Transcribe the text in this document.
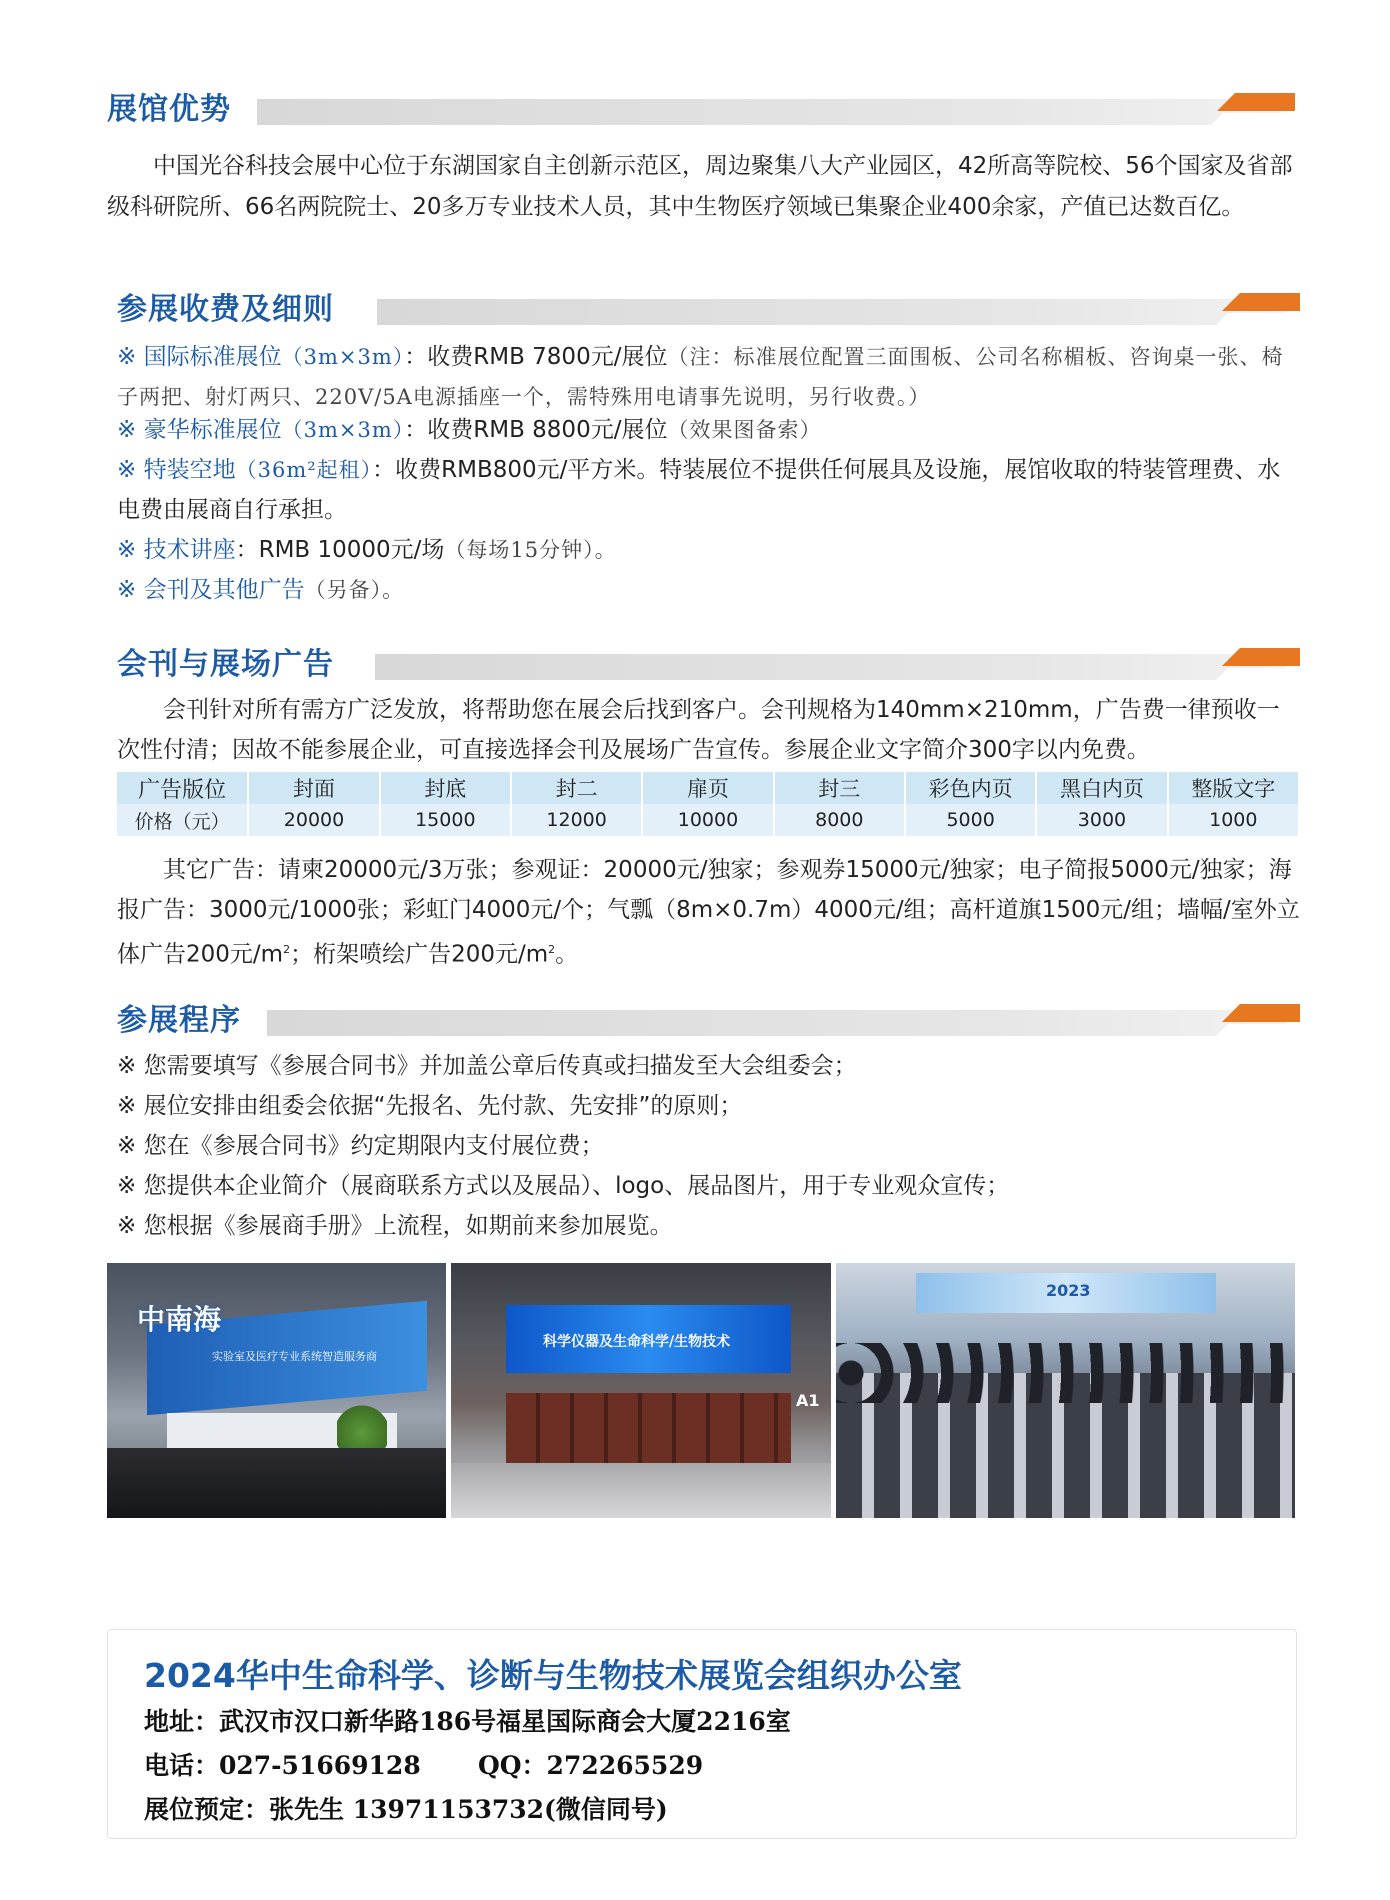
展馆优势
中国光谷科技会展中心位于东湖国家自主创新示范区，周边聚集八大产业园区，42所高等院校、56个国家及省部级科研院所、66名两院院士、20多万专业技术人员，其中生物医疗领域已集聚企业400余家，产值已达数百亿。
参展收费及细则
※ 国际标准展位（3m×3m）：收费RMB 7800元/展位（注：标准展位配置三面围板、公司名称楣板、咨询桌一张、椅子两把、射灯两只、220V/5A电源插座一个，需特殊用电请事先说明，另行收费。）
※ 豪华标准展位（3m×3m）：收费RMB 8800元/展位（效果图备索）
※ 特装空地（36m²起租）：收费RMB800元/平方米。特装展位不提供任何展具及设施，展馆收取的特装管理费、水电费由展商自行承担。
※ 技术讲座：RMB 10000元/场（每场15分钟）。
※ 会刊及其他广告（另备）。
会刊与展场广告
会刊针对所有需方广泛发放，将帮助您在展会后找到客户。会刊规格为140mm×210mm，广告费一律预收一次性付清；因故不能参展企业，可直接选择会刊及展场广告宣传。参展企业文字简介300字以内免费。
广告版位	封面	封底	封二	扉页	封三	彩色内页	黑白内页	整版文字
价格（元）	20000	15000	12000	10000	8000	5000	3000	1000
其它广告：请柬20000元/3万张；参观证：20000元/独家；参观券15000元/独家；电子简报5000元/独家；海报广告：3000元/1000张；彩虹门4000元/个；气瓢（8m×0.7m）4000元/组；高杆道旗1500元/组；墙幅/室外立体广告200元$/m^2$；桁架喷绘广告200元$/m^2$。
参展程序
※ 您需要填写《参展合同书》并加盖公章后传真或扫描发至大会组委会；
※ 展位安排由组委会依据“先报名、先付款、先安排”的原则；
※ 您在《参展合同书》约定期限内支付展位费；
※ 您提供本企业简介（展商联系方式以及展品）、logo、展品图片，用于专业观众宣传；
※ 您根据《参展商手册》上流程，如期前来参加展览。
中南海
实验室及医疗专业系统智造服务商
科学仪器及生命科学/生物技术
A1
2023
2024华中生命科学、诊断与生物技术展览会组织办公室
地址：武汉市汉口新华路186号福星国际商会大厦2216室
电话：027-51669128 QQ：272265529
展位预定：张先生 13971153732(微信同号)
